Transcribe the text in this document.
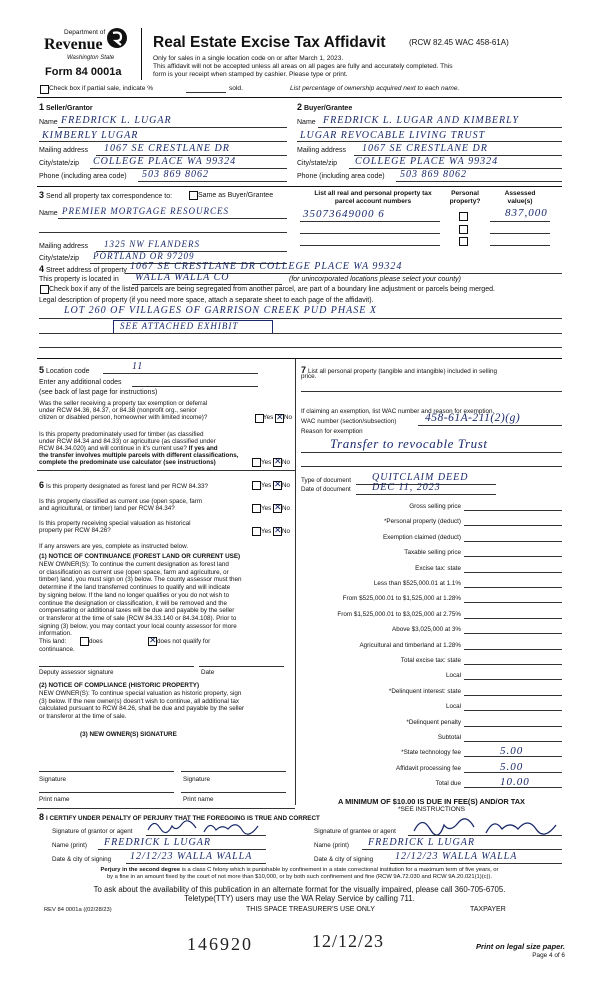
Department of
Revenue
Washington State
Form 84 0001a
Real Estate Excise Tax Affidavit	(RCW 82.45 WAC 458-61A)
Only for sales in a single location code on or after March 1, 2023.
This affidavit will not be accepted unless all areas on all pages are fully and accurately completed. This
form is your receipt when stamped by cashier. Please type or print.
Check box if partial sale, indicate %	sold.	List percentage of ownership acquired next to each name.
1 Seller/Grantor
Name FREDRICK L. LUGAR
KIMBERLY LUGAR
Mailing address 1067 SE CRESTLANE DR
City/state/zip COLLEGE PLACE WA 99324
Phone (including area code) 503 869 8062
2 Buyer/Grantee
Name FREDRICK L. LUGAR AND KIMBERLY
LUGAR REVOCABLE LIVING TRUST
Mailing address 1067 SE CRESTLANE DR
City/state/zip COLLEGE PLACE WA 99324
Phone (including area code) 503 869 8062
3 Send all property tax correspondence to:	Same as Buyer/Grantee
Name PREMIER MORTGAGE RESOURCES
Mailing address 1325 NW FLANDERS
City/state/zip PORTLAND OR 97209
List all real and personal property tax
parcel account numbers
Personal
property?
Assessed
value(s)
35073649000 6	837,000
4 Street address of property 1067 SE CRESTLANE DR COLLEGE PLACE WA 99324
This property is located in WALLA WALLA CO	(for unincorporated locations please select your county)
Check box if any of the listed parcels are being segregated from another parcel, are part of a boundary line adjustment or parcels being merged.
Legal description of property (if you need more space, attach a separate sheet to each page of the affidavit).
LOT 260 OF VILLAGES OF GARRISON CREEK PUD PHASE X
SEE ATTACHED EXHIBIT
5 Location code	11
Enter any additional codes
(see back of last page for instructions)
Was the seller receiving a property tax exemption or deferral
under RCW 84.36, 84.37, or 84.38 (nonprofit org., senior
citizen or disabled person, homeowner with limited income)?	Yes ✕ No
Is this property predominately used for timber (as classified
under RCW 84.34 and 84.33) or agriculture (as classified under
RCW 84.34.020) and will continue in it's current use? If yes and
the transfer involves multiple parcels with different classifications,
complete the predominate use calculator (see instructions)	Yes ✕ No
6 Is this property designated as forest land per RCW 84.33?	Yes ✕ No
Is this property classified as current use (open space, farm
and agricultural, or timber) land per RCW 84.34?	Yes ✕ No
Is this property receiving special valuation as historical
property per RCW 84.26?	Yes ✕ No
If any answers are yes, complete as instructed below.
(1) NOTICE OF CONTINUANCE (FOREST LAND OR CURRENT USE)
NEW OWNER(S): To continue the current designation as forest land
or classification as current use (open space, farm and agriculture, or
timber) land, you must sign on (3) below. The county assessor must then
determine if the land transferred continues to qualify and will indicate
by signing below. If the land no longer qualifies or you do not wish to
continue the designation or classification, it will be removed and the
compensating or additional taxes will be due and payable by the seller
or transferor at the time of sale (RCW 84.33.140 or 84.34.108). Prior to
signing (3) below, you may contact your local county assessor for more
information.
This land:	does	✕ does not qualify for
continuance.
Deputy assessor signature	Date
(2) NOTICE OF COMPLIANCE (HISTORIC PROPERTY)
NEW OWNER(S): To continue special valuation as historic property, sign
(3) below. If the new owner(s) doesn't wish to continue, all additional tax
calculated pursuant to RCW 84.26, shall be due and payable by the seller
or transferor at the time of sale.
(3) NEW OWNER(S) SIGNATURE
Signature	Signature
Print name	Print name
7 List all personal property (tangible and intangible) included in selling
price.
If claiming an exemption, list WAC number and reason for exemption.
WAC number (section/subsection) 458-61A-211(2)(g)
Reason for exemption
Transfer to revocable Trust
Type of document QUITCLAIM DEED
Date of document DEC 11, 2023
Gross selling price
*Personal property (deduct)
Exemption claimed (deduct)
Taxable selling price
Excise tax: state
Less than $525,000.01 at 1.1%
From $525,000.01 to $1,525,000 at 1.28%
From $1,525,000.01 to $3,025,000 at 2.75%
Above $3,025,000 at 3%
Agricultural and timberland at 1.28%
Total excise tax: state
Local
*Delinquent interest: state
Local
*Delinquent penalty
Subtotal
*State technology fee	5.00
Affidavit processing fee	5.00
Total due	10.00
A MINIMUM OF $10.00 IS DUE IN FEE(S) AND/OR TAX
*SEE INSTRUCTIONS
8 I CERTIFY UNDER PENALTY OF PERJURY THAT THE FOREGOING IS TRUE AND CORRECT
Signature of grantor or agent
Name (print) FREDRICK L LUGAR
Date & city of signing 12/12/23 WALLA WALLA
Signature of grantee or agent
Name (print) FREDRICK L LUGAR
Date & city of signing 12/12/23 WALLA WALLA
Perjury in the second degree is a class C felony which is punishable by confinement in a state correctional institution for a maximum term of five years, or
by a fine in an amount fixed by the court of not more than $10,000, or by both such confinement and fine (RCW 9A.72.030 and RCW 9A.20.021(1)(c)).
To ask about the availability of this publication in an alternate format for the visually impaired, please call 360-705-6705.
Teletype(TTY) users may use the WA Relay Service by calling 711.
REV 84 0001a ((02/28/23)	THIS SPACE TREASURER'S USE ONLY	TAXPAYER
146920	12/12/23	Print on legal size paper.
Page 4 of 6
